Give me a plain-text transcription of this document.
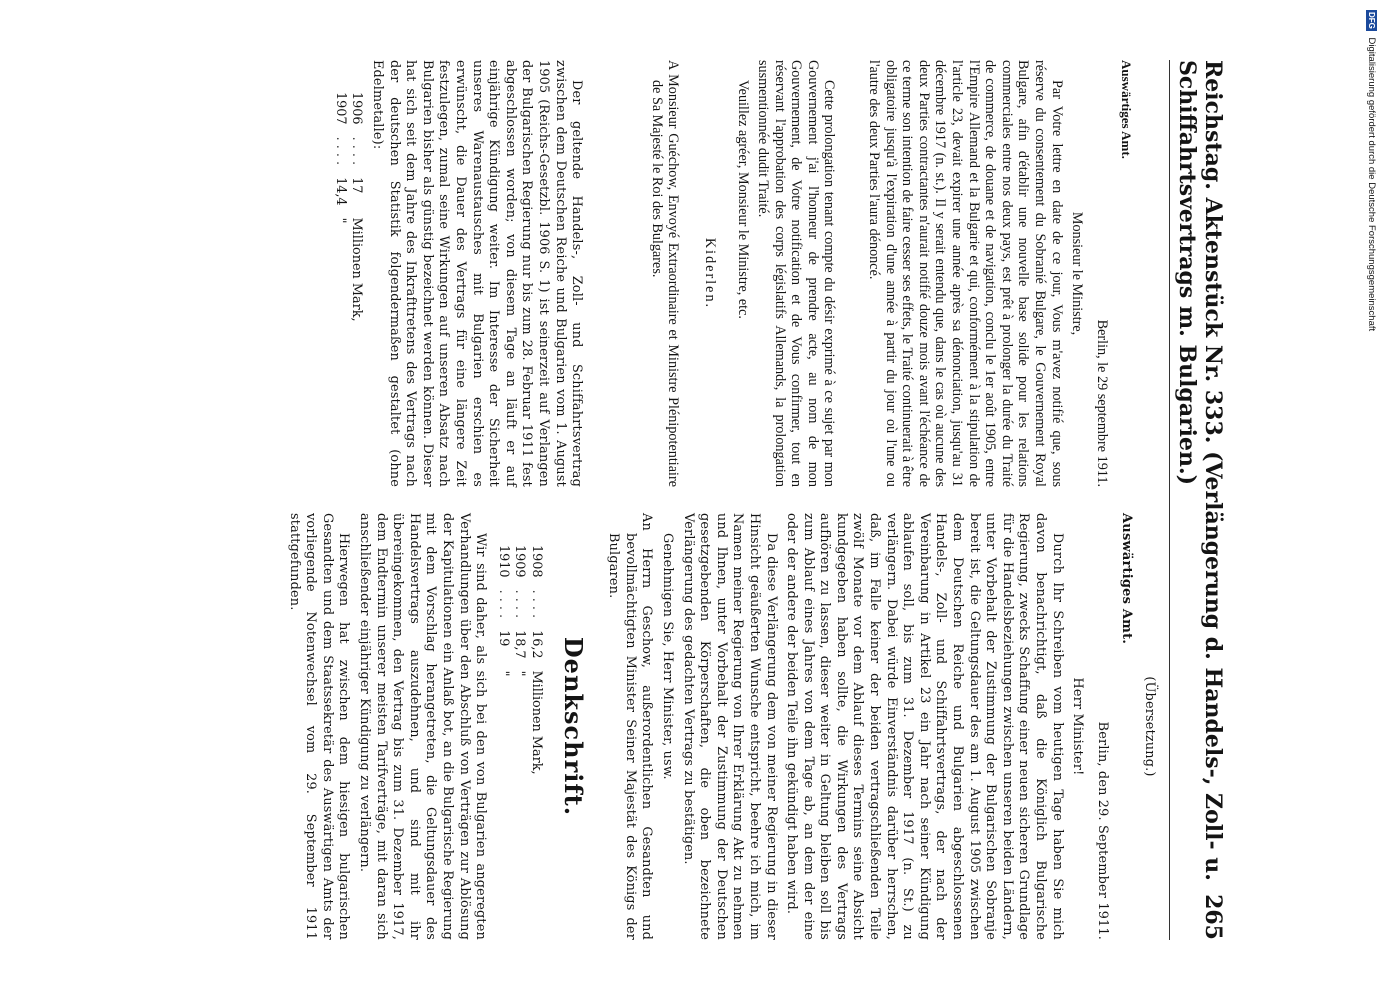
Reichstag. Aktenstück Nr. 333. (Verlängerung d. Handels-, Zoll- u. Schiffahrtsvertrags m. Bulgarien.)
265

Auswärtiges Amt.
Berlin, le 29 septembre 1911.

Monsieur le Ministre,

Par Votre lettre en date de ce jour, Vous m'avez notifié que, sous réserve du consentement du Sobranié Bulgare, le Gouvernement Royal Bulgare, afin d'établir une nouvelle base solide pour les relations commerciales entre nos deux pays, est prêt à prolonger la durée du Traité de commerce, de douane et de navigation, conclu le 1er août 1905, entre l'Empire Allemand et la Bulgarie et qui, conformément à la stipulation de l'article 23, devait expirer une année après sa dénonciation, jusqu'au 31 décembre 1917 (n. st.). Il y serait entendu que, dans le cas où aucune des deux Parties contractantes n'aurait notifié douze mois avant l'échéance de ce terme son intention de faire cesser ses effets, le Traité continuerait à être obligatoire jusqu'à l'expiration d'une année à partir du jour où l'une ou l'autre des deux Parties l'aura dénoncé.

Cette prolongation tenant compte du désir exprimé à ce sujet par mon Gouvernement j'ai l'honneur de prendre acte, au nom de mon Gouvernement, de Votre notification et de Vous confirmer, tout en réservant l'approbation des corps législatifs Allemands, la prolongation susmentionnée dudit Traité.

Veuillez agréer, Monsieur le Ministre, etc.

Kiderlen.

A Monsieur Guéchow, Envoyé Extraordinaire et Ministre Plénipotentiaire de Sa Majesté le Roi des Bulgares.

Der geltende Handels-, Zoll- und Schiffahrtsvertrag zwischen dem Deutschen Reiche und Bulgarien vom 1. August 1905 (Reichs-Gesetzbl. 1906 S. 1) ist seinerzeit auf Verlangen der Bulgarischen Regierung nur bis zum 28. Februar 1911 fest abgeschlossen worden; von diesem Tage an läuft er auf einjährige Kündigung weiter. Im Interesse der Sicherheit unseres Warenaustausches mit Bulgarien erschien es erwünscht, die Dauer des Vertrags für eine längere Zeit festzulegen, zumal seine Wirkungen auf unseren Absatz nach Bulgarien bisher als günstig bezeichnet werden können. Dieser hat sich seit dem Jahre des Inkrafttretens des Vertrags nach der deutschen Statistik folgendermaßen gestaltet (ohne Edelmetalle):

1906	. . . .	17	Millionen Mark,
1907	. . . .	14,4	"
(Übersetzung.)
Auswärtiges Amt.
Berlin, den 29. September 1911.

Herr Minister!

Durch Ihr Schreiben vom heutigen Tage haben Sie mich davon benachrichtigt, daß die Königlich Bulgarische Regierung, zwecks Schaffung einer neuen sicheren Grundlage für die Handelsbeziehungen zwischen unseren beiden Ländern, unter Vorbehalt der Zustimmung der Bulgarischen Sobranje bereit ist, die Geltungsdauer des am 1. August 1905 zwischen dem Deutschen Reiche und Bulgarien abgeschlossenen Handels-, Zoll- und Schiffahrtsvertrags, der nach der Vereinbarung in Artikel 23 ein Jahr nach seiner Kündigung ablaufen soll, bis zum 31. Dezember 1917 (n. St.) zu verlängern. Dabei würde Einverständnis darüber herrschen, daß, im Falle keiner der beiden vertragschließenden Teile zwölf Monate vor dem Ablauf dieses Termins seine Absicht kundgegeben haben sollte, die Wirkungen des Vertrags aufhören zu lassen, dieser weiter in Geltung bleiben soll bis zum Ablauf eines Jahres von dem Tage ab, an dem der eine oder der andere der beiden Teile ihn gekündigt haben wird.

Da diese Verlängerung dem von meiner Regierung in dieser Hinsicht geäußerten Wunsche entspricht, beehre ich mich, im Namen meiner Regierung von Ihrer Erklärung Akt zu nehmen und Ihnen, unter Vorbehalt der Zustimmung der Deutschen gesetzgebenden Körperschaften, die oben bezeichnete Verlängerung des gedachten Vertrags zu bestätigen.

Genehmigen Sie, Herr Minister, usw.

An Herrn Geschow, außerordentlichen Gesandten und bevollmächtigten Minister Seiner Majestät des Königs der Bulgaren.

Denkschrift.
1908	. . . .	16,2	Millionen Mark,
1909	. . . .	18,7	"
1910	. . . .	19	"

Wir sind daher, als sich bei den von Bulgarien angeregten Verhandlungen über den Abschluß von Verträgen zur Ablösung der Kapitulationen ein Anlaß bot, an die Bulgarische Regierung mit dem Vorschlag herangetreten, die Geltungsdauer des Handelsvertrags auszudehnen, und sind mit ihr übereingekommen, den Vertrag bis zum 31. Dezember 1917, dem Endtermin unserer meisten Tarifverträge, mit daran sich anschließender einjähriger Kündigung zu verlängern.

Hierwegen hat zwischen dem hiesigen bulgarischen Gesandten und dem Staatssekretär des Auswärtigen Amts der vorliegende Notenwechsel vom 29. September 1911 stattgefunden.

DFG Digitalisierung gefördert durch die Deutsche Forschungsgemeinschaft
